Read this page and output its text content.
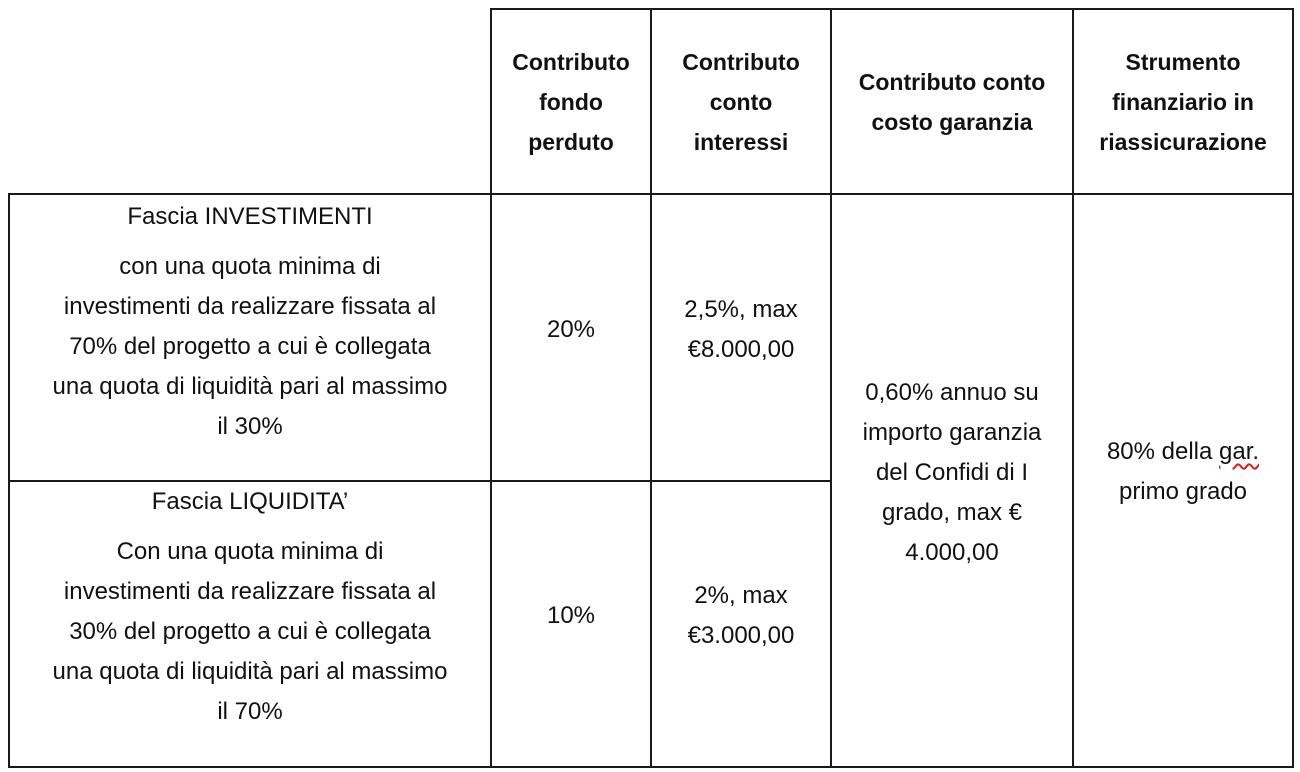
Contributo
fondo
perduto
Contributo
conto
interessi
Contributo conto
costo garanzia
Strumento
finanziario in
riassicurazione
Fascia INVESTIMENTI
con una quota minima di
investimenti da realizzare fissata al
70% del progetto a cui è collegata
una quota di liquidità pari al massimo
il 30%
20%
2,5%, max
€8.000,00
Fascia LIQUIDITA’
Con una quota minima di
investimenti da realizzare fissata al
30% del progetto a cui è collegata
una quota di liquidità pari al massimo
il 70%
10%
2%, max
€3.000,00
0,60% annuo su
importo garanzia
del Confidi di I
grado, max €
4.000,00
80% della gar.
primo grado
